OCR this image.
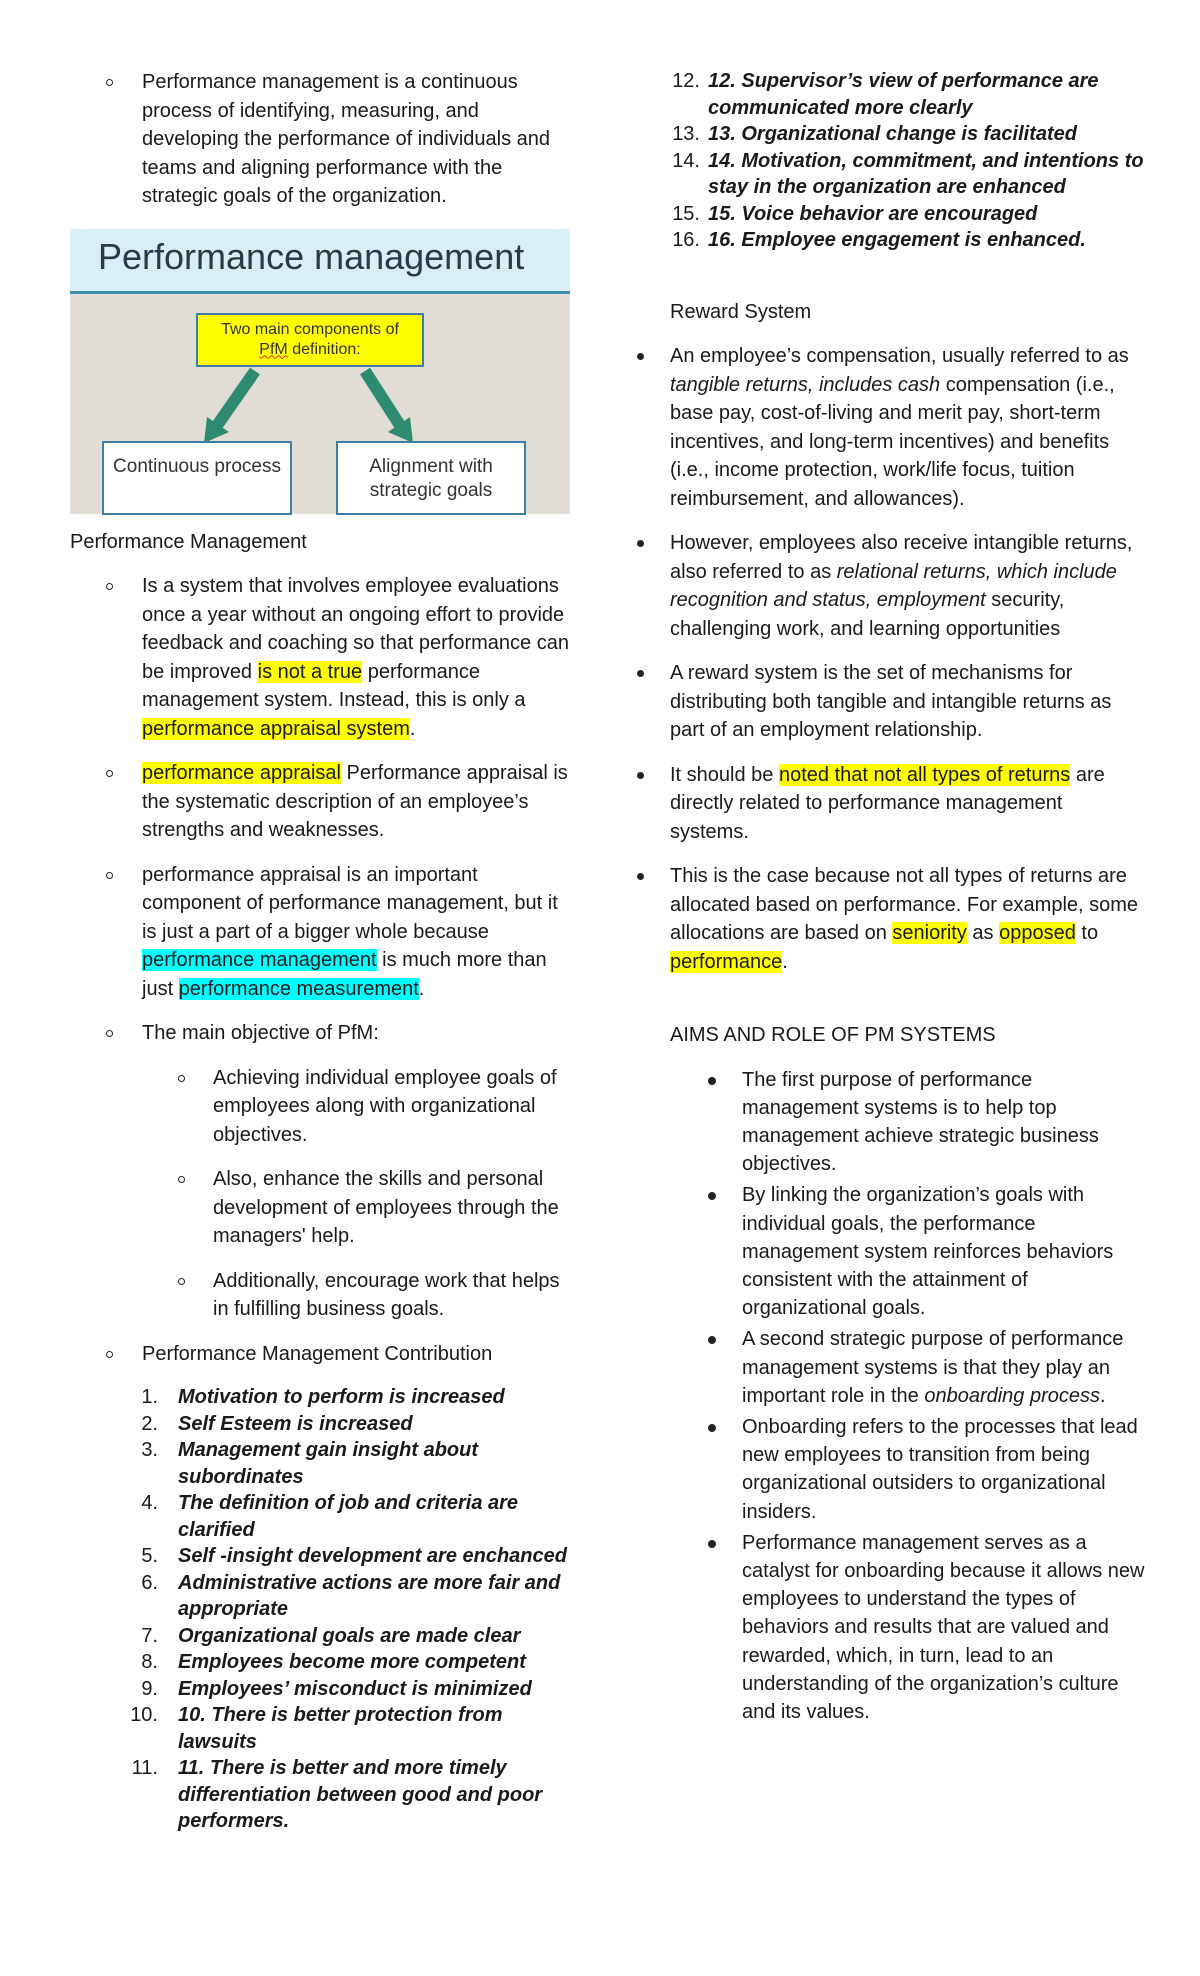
Performance management is a continuous process of identifying, measuring, and developing the performance of individuals and teams and aligning performance with the strategic goals of the organization.

Performance management
Two main components of
PfM definition:
Continuous process	Alignment with strategic goals

Performance Management

Is a system that involves employee evaluations once a year without an ongoing effort to provide feedback and coaching so that performance can be improved is not a true performance management system. Instead, this is only a performance appraisal system.

performance appraisal Performance appraisal is the systematic description of an employee’s strengths and weaknesses.

performance appraisal is an important component of performance management, but it is just a part of a bigger whole because performance management is much more than just performance measurement.

The main objective of PfM:

Achieving individual employee goals of employees along with organizational objectives.

Also, enhance the skills and personal development of employees through the managers' help.

Additionally, encourage work that helps in fulfilling business goals.

Performance Management Contribution

1. Motivation to perform is increased

2. Self Esteem is increased

3. Management gain insight about subordinates

4. The definition of job and criteria are clarified

5. Self -insight development are enchanced

6. Administrative actions are more fair and appropriate

7. Organizational goals are made clear

8. Employees become more competent

9. Employees’ misconduct is minimized

10. 10. There is better protection from lawsuits

11. 11. There is better and more timely differentiation between good and poor performers.

12. 12. Supervisor’s view of performance are communicated more clearly

13. 13. Organizational change is facilitated

14. 14. Motivation, commitment, and intentions to stay in the organization are enhanced

15. 15. Voice behavior are encouraged

16. 16. Employee engagement is enhanced.

Reward System

An employee’s compensation, usually referred to as tangible returns, includes cash compensation (i.e., base pay, cost-of-living and merit pay, short-term incentives, and long-term incentives) and benefits (i.e., income protection, work/life focus, tuition reimbursement, and allowances).

However, employees also receive intangible returns, also referred to as relational returns, which include recognition and status, employment security, challenging work, and learning opportunities

A reward system is the set of mechanisms for distributing both tangible and intangible returns as part of an employment relationship.

It should be noted that not all types of returns are directly related to performance management systems.

This is the case because not all types of returns are allocated based on performance. For example, some allocations are based on seniority as opposed to performance.

AIMS AND ROLE OF PM SYSTEMS

The first purpose of performance management systems is to help top management achieve strategic business objectives.

By linking the organization’s goals with individual goals, the performance management system reinforces behaviors consistent with the attainment of organizational goals.

A second strategic purpose of performance management systems is that they play an important role in the onboarding process.

Onboarding refers to the processes that lead new employees to transition from being organizational outsiders to organizational insiders.

Performance management serves as a catalyst for onboarding because it allows new employees to understand the types of behaviors and results that are valued and rewarded, which, in turn, lead to an understanding of the organization’s culture and its values.
